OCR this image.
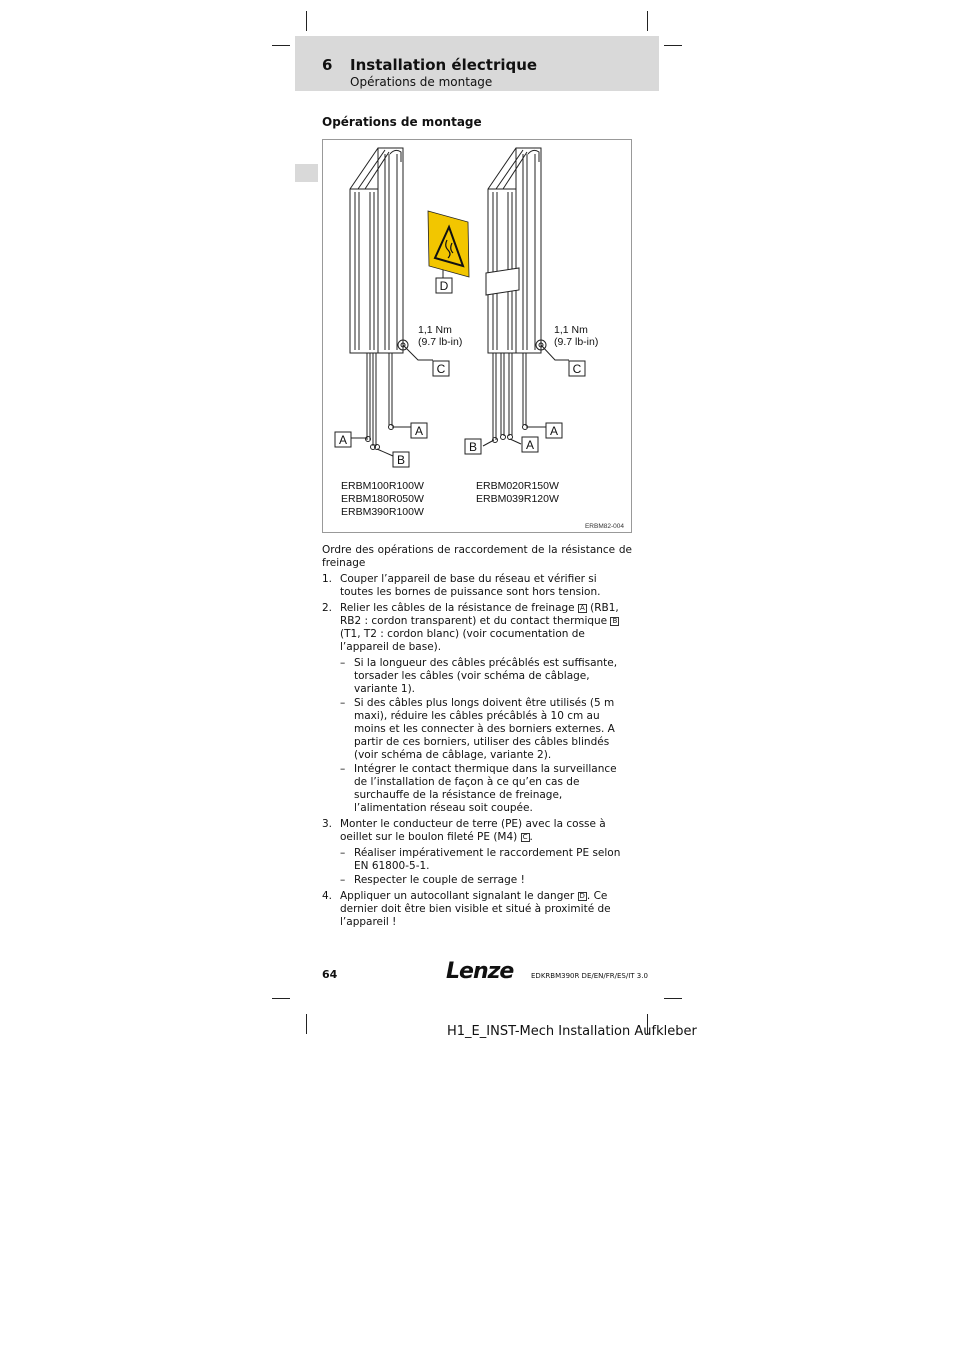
6 Installation électrique
Opérations de montage
Opérations de montage
D
C	C
A
A
B
A
B	A
1,1 Nm
(9.7 lb-in)
1,1 Nm
(9.7 lb-in)
ERBM100R100W
ERBM180R050W
ERBM390R100W
ERBM020R150W
ERBM039R120W
ERBM82-004

Ordre des opérations de raccordement de la résistance de freinage

1. Couper l’appareil de base du réseau et vérifier si toutes les bornes de puissance sont hors tension.
2. Relier les câbles de la résistance de freinage A (RB1, RB2 : cordon transparent) et du contact thermique B (T1, T2 : cordon blanc) (voir cocumentation de l’appareil de base).
– Si la longueur des câbles précâblés est suffisante, torsader les câbles (voir schéma de câblage, variante 1).
– Si des câbles plus longs doivent être utilisés (5 m maxi), réduire les câbles précâblés à 10 cm au moins et les connecter à des borniers externes. A partir de ces borniers, utiliser des câbles blindés (voir schéma de câblage, variante 2).
– Intégrer le contact thermique dans la surveillance de l’installation de façon à ce qu’en cas de surchauffe de la résistance de freinage, l’alimentation réseau soit coupée.
3. Monter le conducteur de terre (PE) avec la cosse à oeillet sur le boulon fileté PE (M4) C .
– Réaliser impérativement le raccordement PE selon EN 61800-5-1.
– Respecter le couple de serrage !
4. Appliquer un autocollant signalant le danger D . Ce dernier doit être bien visible et situé à proximité de l’appareil !
64	Lenze	EDKRBM390R DE/EN/FR/ES/IT 3.0
H1_E_INST-Mech Installation Aufkleber
